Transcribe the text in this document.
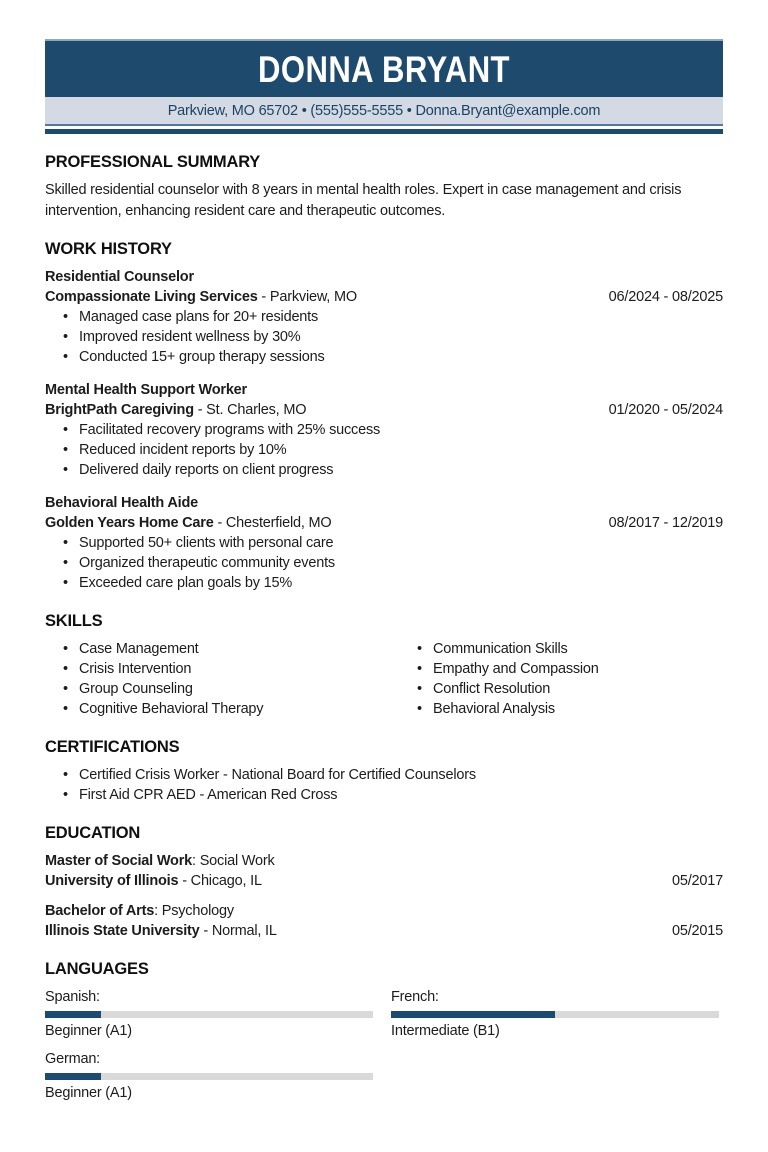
DONNA BRYANT
Parkview, MO 65702 • (555)555-5555 • Donna.Bryant@example.com
PROFESSIONAL SUMMARY
Skilled residential counselor with 8 years in mental health roles. Expert in case management and crisis intervention, enhancing resident care and therapeutic outcomes.
WORK HISTORY
Residential Counselor
Compassionate Living Services - Parkview, MO	06/2024 - 08/2025
• Managed case plans for 20+ residents
• Improved resident wellness by 30%
• Conducted 15+ group therapy sessions
Mental Health Support Worker
BrightPath Caregiving - St. Charles, MO	01/2020 - 05/2024
• Facilitated recovery programs with 25% success
• Reduced incident reports by 10%
• Delivered daily reports on client progress
Behavioral Health Aide
Golden Years Home Care - Chesterfield, MO	08/2017 - 12/2019
• Supported 50+ clients with personal care
• Organized therapeutic community events
• Exceeded care plan goals by 15%
SKILLS
• Case Management
• Crisis Intervention
• Group Counseling
• Cognitive Behavioral Therapy
• Communication Skills
• Empathy and Compassion
• Conflict Resolution
• Behavioral Analysis
CERTIFICATIONS
• Certified Crisis Worker - National Board for Certified Counselors
• First Aid CPR AED - American Red Cross
EDUCATION
Master of Social Work: Social Work
University of Illinois - Chicago, IL	05/2017
Bachelor of Arts: Psychology
Illinois State University - Normal, IL	05/2015
LANGUAGES
Spanish:
Beginner (A1)
French:
Intermediate (B1)
German:
Beginner (A1)
